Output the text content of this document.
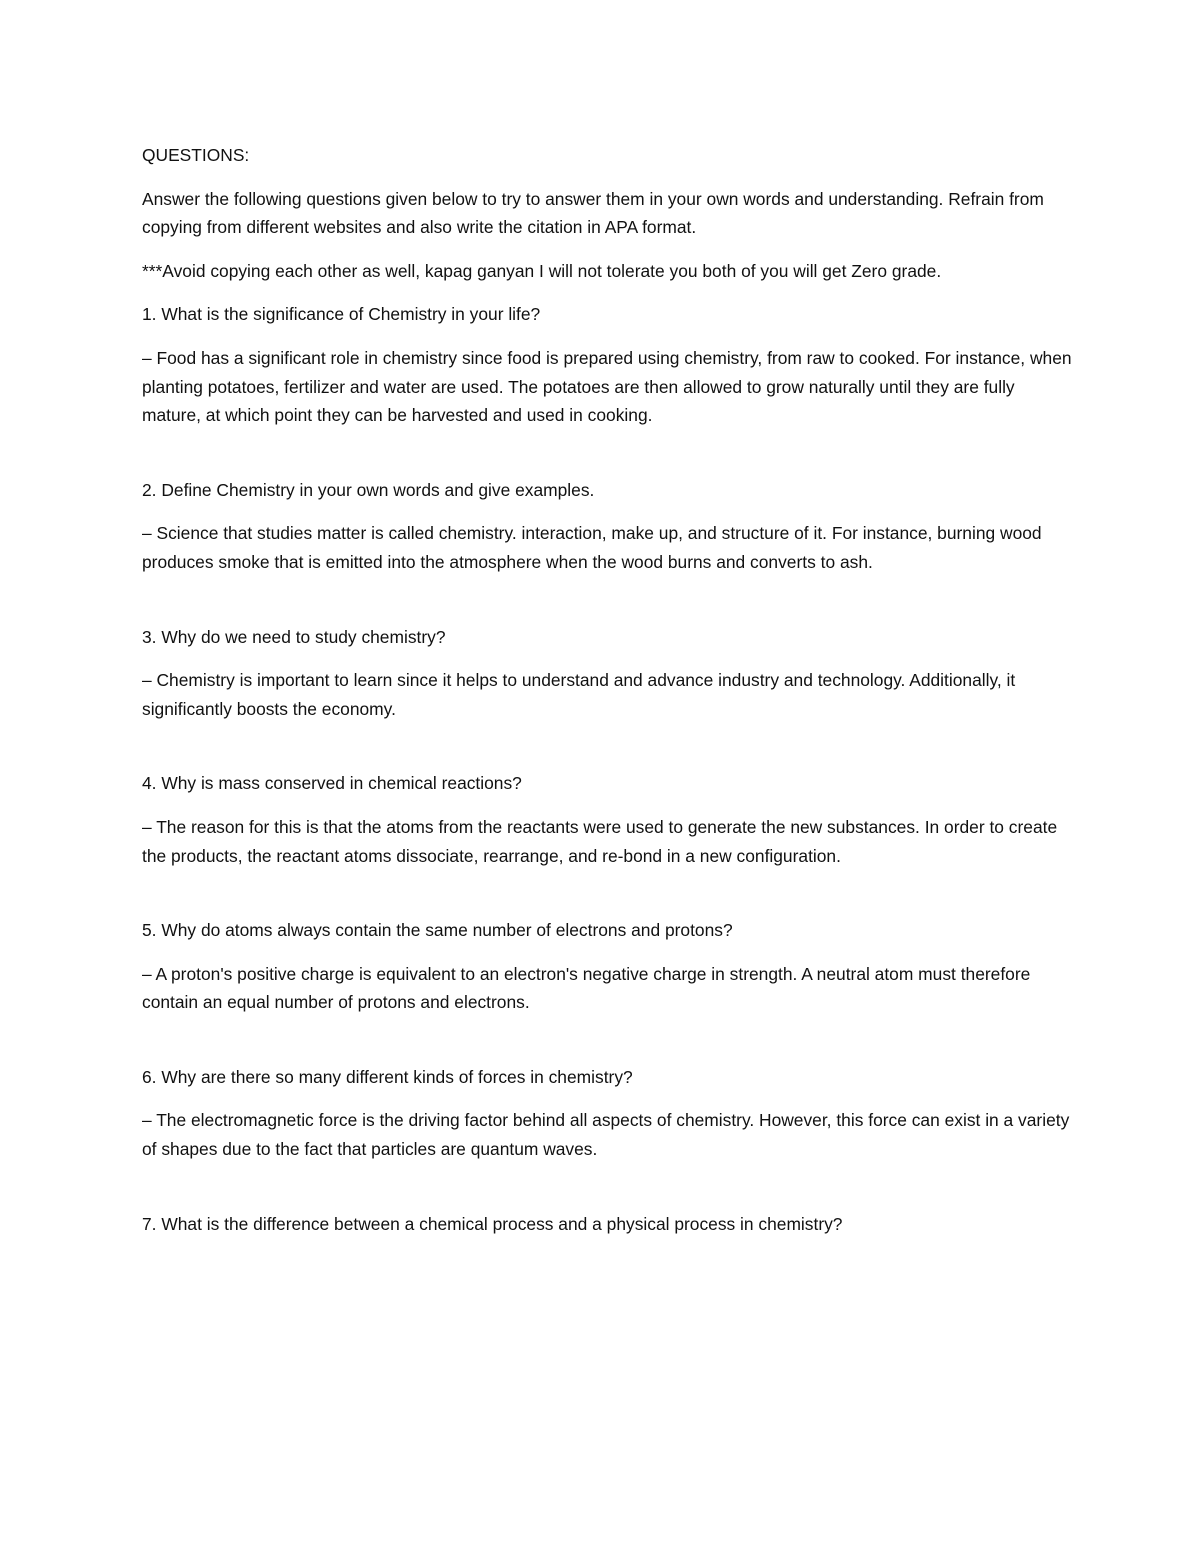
QUESTIONS:

Answer the following questions given below to try to answer them in your own words and understanding. Refrain from copying from different websites and also write the citation in APA format.

***Avoid copying each other as well, kapag ganyan I will not tolerate you both of you will get Zero grade.

1. What is the significance of Chemistry in your life?

– Food has a significant role in chemistry since food is prepared using chemistry, from raw to cooked. For instance, when planting potatoes, fertilizer and water are used. The potatoes are then allowed to grow naturally until they are fully mature, at which point they can be harvested and used in cooking.

2. Define Chemistry in your own words and give examples.

– Science that studies matter is called chemistry. interaction, make up, and structure of it. For instance, burning wood produces smoke that is emitted into the atmosphere when the wood burns and converts to ash.

3. Why do we need to study chemistry?

– Chemistry is important to learn since it helps to understand and advance industry and technology. Additionally, it significantly boosts the economy.

4. Why is mass conserved in chemical reactions?

– The reason for this is that the atoms from the reactants were used to generate the new substances. In order to create the products, the reactant atoms dissociate, rearrange, and re-bond in a new configuration.

5. Why do atoms always contain the same number of electrons and protons?

– A proton's positive charge is equivalent to an electron's negative charge in strength. A neutral atom must therefore contain an equal number of protons and electrons.

6. Why are there so many different kinds of forces in chemistry?

– The electromagnetic force is the driving factor behind all aspects of chemistry. However, this force can exist in a variety of shapes due to the fact that particles are quantum waves.

7. What is the difference between a chemical process and a physical process in chemistry?
